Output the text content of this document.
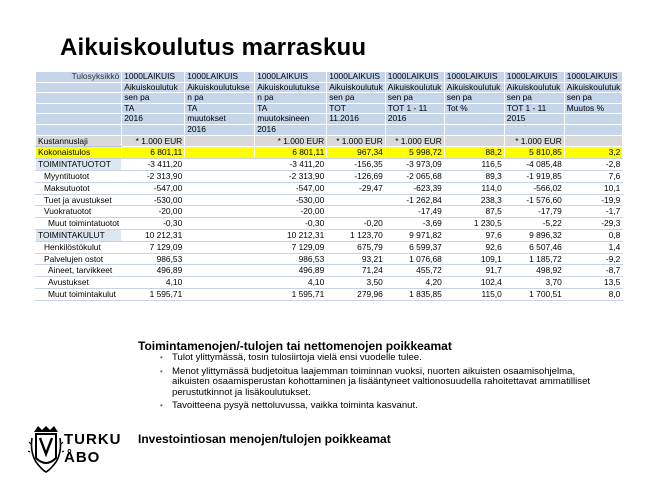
Aikuiskoulutus marraskuu
Tulosyksikkö	1000LAIKUIS	1000LAIKUIS	1000LAIKUIS	1000LAIKUIS	1000LAIKUIS	1000LAIKUIS	1000LAIKUIS	1000LAIKUIS
	Aikuiskoulutuk	Aikuiskoulutukse	Aikuiskoulutukse	Aikuiskoulutuk	Aikuiskoulutuk	Aikuiskoulutuk	Aikuiskoulutuk	Aikuiskoulutuk
	sen pa	n pa	n pa	sen pa	sen pa	sen pa	sen pa	sen pa
	TA	TA	TA	TOT	TOT 1 - 11	Tot %	TOT 1 - 11	Muutos %
	2016	muutokset	muutoksineen	11.2016	2016		2015	
		2016	2016					
Kustannuslaji	* 1.000 EUR		* 1.000 EUR	* 1.000 EUR	* 1.000 EUR		* 1.000 EUR	
Kokonaistulos	6 801,11		6 801,11	967,34	5 998,72	88,2	5 810,85	3,2
TOIMINTATUOTOT	-3 411,20		-3 411,20	-156,35	-3 973,09	116,5	-4 085,48	-2,8
Myyntituotot	-2 313,90		-2 313,90	-126,69	-2 065,68	89,3	-1 919,85	7,6
Maksutuotot	-547,00		-547,00	-29,47	-623,39	114,0	-566,02	10,1
Tuet ja avustukset	-530,00		-530,00		-1 262,84	238,3	-1 576,60	-19,9
Vuokratuotot	-20,00		-20,00		-17,49	87,5	-17,79	-1,7
Muut toimintatuotot	-0,30		-0,30	-0,20	-3,69	1 230,5	-5,22	-29,3
TOIMINTAKULUT	10 212,31		10 212,31	1 123,70	9 971,82	97,6	9 896,32	0,8
Henkilöstökulut	7 129,09		7 129,09	675,79	6 599,37	92,6	6 507,46	1,4
Palvelujen ostot	986,53		986,53	93,21	1 076,68	109,1	1 185,72	-9,2
Aineet, tarvikkeet	496,89		496,89	71,24	455,72	91,7	498,92	-8,7
Avustukset	4,10		4,10	3,50	4,20	102,4	3,70	13,5
Muut toimintakulut	1 595,71		1 595,71	279,96	1 835,85	115,0	1 700,51	8,0
Toimintamenojen/-tulojen tai nettomenojen poikkeamat
• Tulot ylittymässä, tosin tulosiirtoja vielä ensi vuodelle tulee.
• Menot ylittymässä budjetoitua laajemman toiminnan vuoksi, nuorten aikuisten osaamisohjelma, aikuisten osaamisperustan kohottaminen ja lisääntyneet valtionosuudella rahoitettavat ammatilliset perustutkinnot ja lisäkoulutukset.
• Tavoitteena pysyä nettoluvussa, vaikka toiminta kasvanut.
Investointiosan menojen/tulojen poikkeamat
TURKU
ÅBO
